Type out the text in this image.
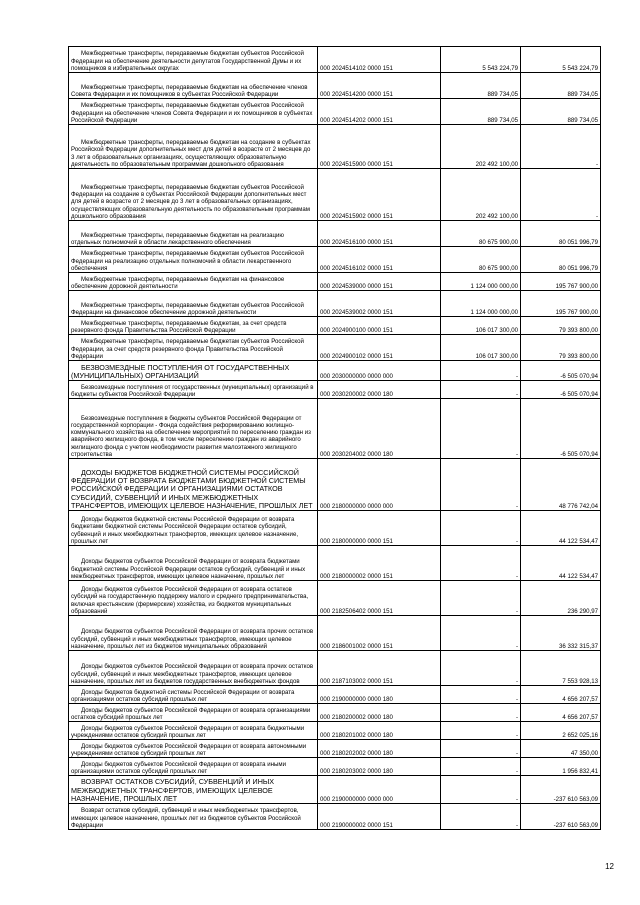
Межбюджетные трансферты, передаваемые бюджетам субъектов Российской Федерации на обеспечение деятельности депутатов Государственной Думы и их помощников в избирательных округах	000 2024514102 0000 151	5 543 224,79	5 543 224,79

Межбюджетные трансферты, передаваемые бюджетам на обеспечение членов Совета Федерации и их помощников в субъектах Российской Федерации	000 2024514200 0000 151	889 734,05	889 734,05

Межбюджетные трансферты, передаваемые бюджетам субъектов Российской Федерации на обеспечение членов Совета Федерации и их помощников в субъектах Российской Федерации	000 2024514202 0000 151	889 734,05	889 734,05

Межбюджетные трансферты, передаваемые бюджетам на создание в субъектах Российской Федерации дополнительных мест для детей в возрасте от 2 месяцев до 3 лет в образовательных организациях, осуществляющих образовательную деятельность по образовательным программам дошкольного образования	000 2024515900 0000 151	202 492 100,00	-

Межбюджетные трансферты, передаваемые бюджетам субъектов Российской Федерации на создание в субъектах Российской Федерации дополнительных мест для детей в возрасте от 2 месяцев до 3 лет в образовательных организациях, осуществляющих образовательную деятельность по образовательным программам дошкольного образования	000 2024515902 0000 151	202 492 100,00	-

Межбюджетные трансферты, передаваемые бюджетам на реализацию отдельных полномочий в области лекарственного обеспечения	000 2024516100 0000 151	80 675 900,00	80 051 996,79

Межбюджетные трансферты, передаваемые бюджетам субъектов Российской Федерации на реализацию отдельных полномочий в области лекарственного обеспечения	000 2024516102 0000 151	80 675 900,00	80 051 996,79

Межбюджетные трансферты, передаваемые бюджетам на финансовое обеспечение дорожной деятельности	000 2024539000 0000 151	1 124 000 000,00	195 767 900,00

Межбюджетные трансферты, передаваемые бюджетам субъектов Российской Федерации на финансовое обеспечение дорожной деятельности	000 2024539002 0000 151	1 124 000 000,00	195 767 900,00

Межбюджетные трансферты, передаваемые бюджетам, за счет средств резервного фонда Правительства Российской Федерации	000 2024900100 0000 151	106 017 300,00	79 393 800,00

Межбюджетные трансферты, передаваемые бюджетам субъектов Российской Федерации, за счет средств резервного фонда Правительства Российской Федерации	000 2024900102 0000 151	106 017 300,00	79 393 800,00

БЕЗВОЗМЕЗДНЫЕ ПОСТУПЛЕНИЯ ОТ ГОСУДАРСТВЕННЫХ (МУНИЦИПАЛЬНЫХ) ОРГАНИЗАЦИЙ	000 2030000000 0000 000	-	-6 505 070,94

Безвозмездные поступления от государственных (муниципальных) организаций в бюджеты субъектов Российской Федерации	000 2030200002 0000 180	-	-6 505 070,94

Безвозмездные поступления в бюджеты субъектов Российской Федерации от государственной корпорации - Фонда содействия реформированию жилищно-коммунального хозяйства на обеспечение мероприятий по переселению граждан из аварийного жилищного фонда, в том числе переселению граждан из аварийного жилищного фонда с учетом необходимости развития малоэтажного жилищного строительства	000 2030204002 0000 180	-	-6 505 070,94

ДОХОДЫ БЮДЖЕТОВ БЮДЖЕТНОЙ СИСТЕМЫ РОССИЙСКОЙ ФЕДЕРАЦИИ ОТ ВОЗВРАТА БЮДЖЕТАМИ БЮДЖЕТНОЙ СИСТЕМЫ РОССИЙСКОЙ ФЕДЕРАЦИИ И ОРГАНИЗАЦИЯМИ ОСТАТКОВ СУБСИДИЙ, СУБВЕНЦИЙ И ИНЫХ МЕЖБЮДЖЕТНЫХ ТРАНСФЕРТОВ, ИМЕЮЩИХ ЦЕЛЕВОЕ НАЗНАЧЕНИЕ, ПРОШЛЫХ ЛЕТ	000 2180000000 0000 000	-	48 776 742,04

Доходы бюджетов бюджетной системы Российской Федерации от возврата бюджетами бюджетной системы Российской Федерации остатков субсидий, субвенций и иных межбюджетных трансфертов, имеющих целевое назначение, прошлых лет	000 2180000000 0000 151	-	44 122 534,47

Доходы бюджетов субъектов Российской Федерации от возврата бюджетами бюджетной системы Российской Федерации остатков субсидий, субвенций и иных межбюджетных трансфертов, имеющих целевое назначение, прошлых лет	000 2180000002 0000 151	-	44 122 534,47

Доходы бюджетов субъектов Российской Федерации от возврата остатков субсидий на государственную поддержку малого и среднего предпринимательства, включая крестьянские (фермерские) хозяйства, из бюджетов муниципальных образований	000 2182506402 0000 151	-	236 290,97

Доходы бюджетов субъектов Российской Федерации от возврата прочих остатков субсидий, субвенций и иных межбюджетных трансфертов, имеющих целевое назначение, прошлых лет из бюджетов муниципальных образований	000 2186001002 0000 151	-	36 332 315,37

Доходы бюджетов субъектов Российской Федерации от возврата прочих остатков субсидий, субвенций и иных межбюджетных трансфертов, имеющих целевое назначение, прошлых лет из бюджетов государственных внебюджетных фондов	000 2187103002 0000 151	-	7 553 928,13

Доходы бюджетов бюджетной системы Российской Федерации от возврата организациями остатков субсидий прошлых лет	000 2190000000 0000 180	-	4 656 207,57

Доходы бюджетов субъектов Российской Федерации от возврата организациями остатков субсидий прошлых лет	000 2180200002 0000 180	-	4 656 207,57

Доходы бюджетов субъектов Российской Федерации от возврата бюджетными учреждениями остатков субсидий прошлых лет	000 2180201002 0000 180	-	2 652 025,16

Доходы бюджетов субъектов Российской Федерации от возврата автономными учреждениями остатков субсидий прошлых лет	000 2180202002 0000 180	-	47 350,00

Доходы бюджетов субъектов Российской Федерации от возврата иными организациями остатков субсидий прошлых лет	000 2180203002 0000 180	-	1 956 832,41

ВОЗВРАТ ОСТАТКОВ СУБСИДИЙ, СУБВЕНЦИЙ И ИНЫХ МЕЖБЮДЖЕТНЫХ ТРАНСФЕРТОВ, ИМЕЮЩИХ ЦЕЛЕВОЕ НАЗНАЧЕНИЕ, ПРОШЛЫХ ЛЕТ	000 2190000000 0000 000	-	-237 610 563,09

Возврат остатков субсидий, субвенций и иных межбюджетных трансфертов, имеющих целевое назначение, прошлых лет из бюджетов субъектов Российской Федерации	000 2190000002 0000 151	-	-237 610 563,09
12
